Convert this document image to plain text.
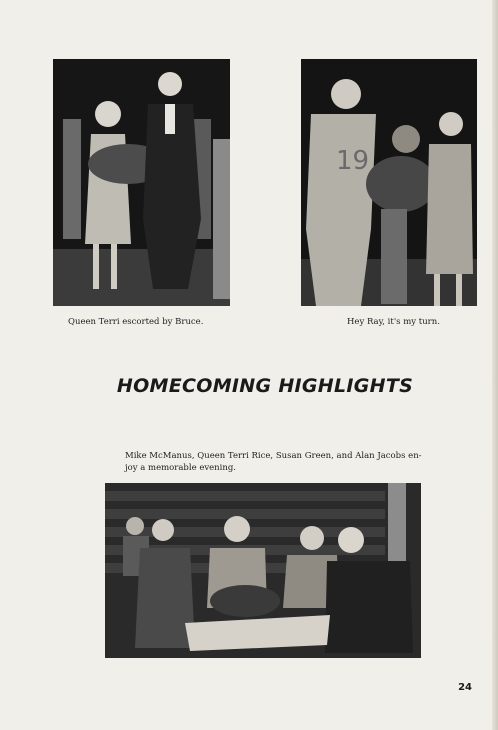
Queen Terri escorted by Bruce.
19
Hey Ray, it's my turn.
HOMECOMING HIGHLIGHTS
Mike McManus, Queen Terri Rice, Susan Green, and Alan Jacobs en-
joy a memorable evening.
24
